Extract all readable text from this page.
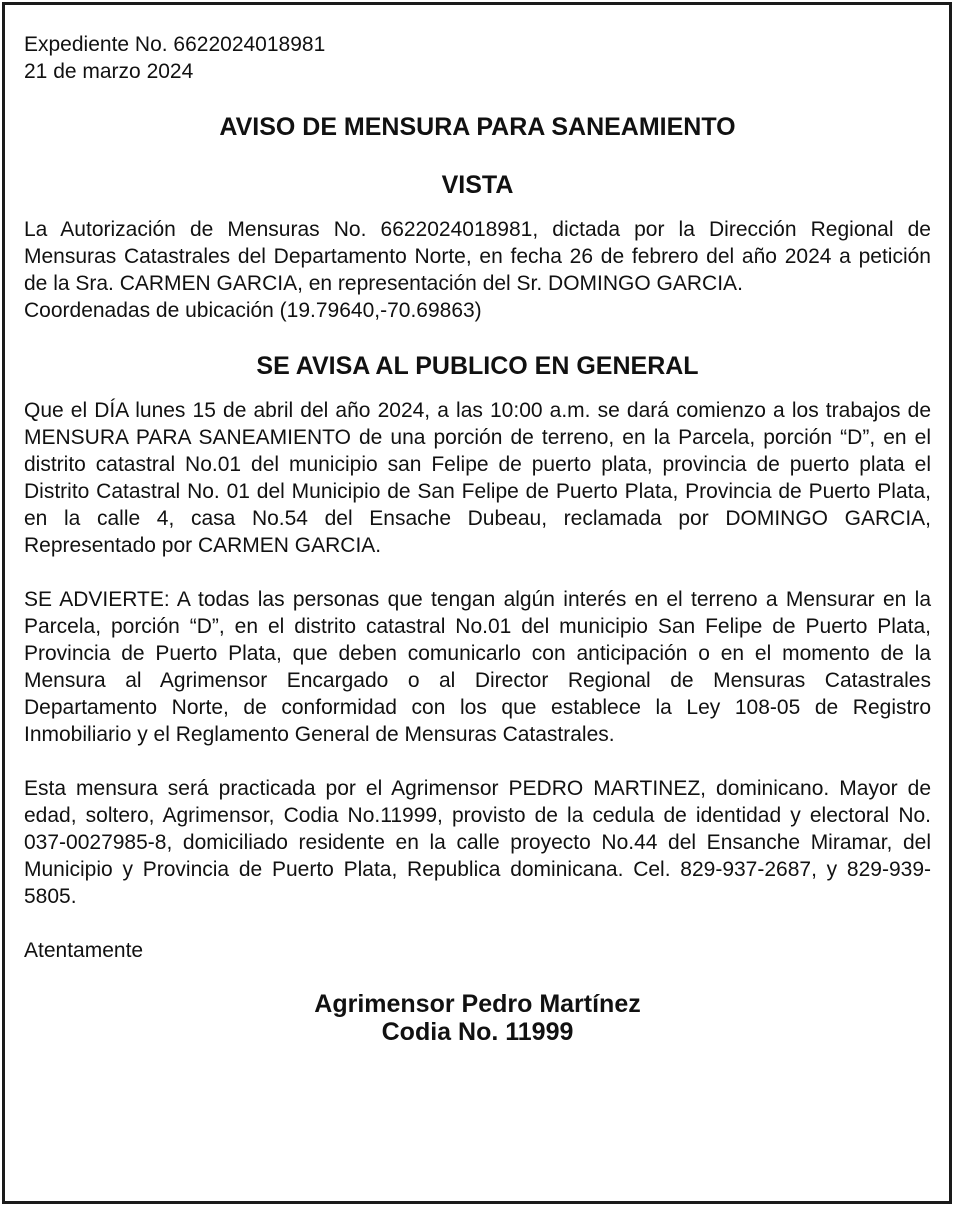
Expediente No. 6622024018981

21 de marzo 2024

AVISO DE MENSURA PARA SANEAMIENTO
VISTA

La Autorización de Mensuras No. 6622024018981, dictada por la Dirección Regional de Mensuras Catastrales del Departamento Norte, en fecha 26 de febrero del año 2024 a petición de la Sra. CARMEN GARCIA, en representación del Sr. DOMINGO GARCIA.

Coordenadas de ubicación (19.79640,-70.69863)

SE AVISA AL PUBLICO EN GENERAL

Que el DÍA lunes 15 de abril del año 2024, a las 10:00 a.m. se dará comienzo a los trabajos de MENSURA PARA SANEAMIENTO de una porción de terreno, en la Parcela, porción “D”, en el distrito catastral No.01 del municipio san Felipe de puerto plata, provincia de puerto plata el Distrito Catastral No. 01 del Municipio de San Felipe de Puerto Plata, Provincia de Puerto Plata, en la calle 4, casa No.54 del Ensache Dubeau, reclamada por DOMINGO GARCIA, Representado por CARMEN GARCIA.

SE ADVIERTE: A todas las personas que tengan algún interés en el terreno a Mensurar en la Parcela, porción “D”, en el distrito catastral No.01 del municipio San Felipe de Puerto Plata, Provincia de Puerto Plata, que deben comunicarlo con anticipación o en el momento de la Mensura al Agrimensor Encargado o al Director Regional de Mensuras Catastrales Departamento Norte, de conformidad con los que establece la Ley 108-05 de Registro Inmobiliario y el Reglamento General de Mensuras Catastrales.

Esta mensura será practicada por el Agrimensor PEDRO MARTINEZ, dominicano. Mayor de edad, soltero, Agrimensor, Codia No.11999, provisto de la cedula de identidad y electoral No. 037-0027985-8, domiciliado residente en la calle proyecto No.44 del Ensanche Miramar, del Municipio y Provincia de Puerto Plata, Republica dominicana. Cel. 829-937-2687, y 829-939-5805.

Atentamente

Agrimensor Pedro Martínez
Codia No. 11999
